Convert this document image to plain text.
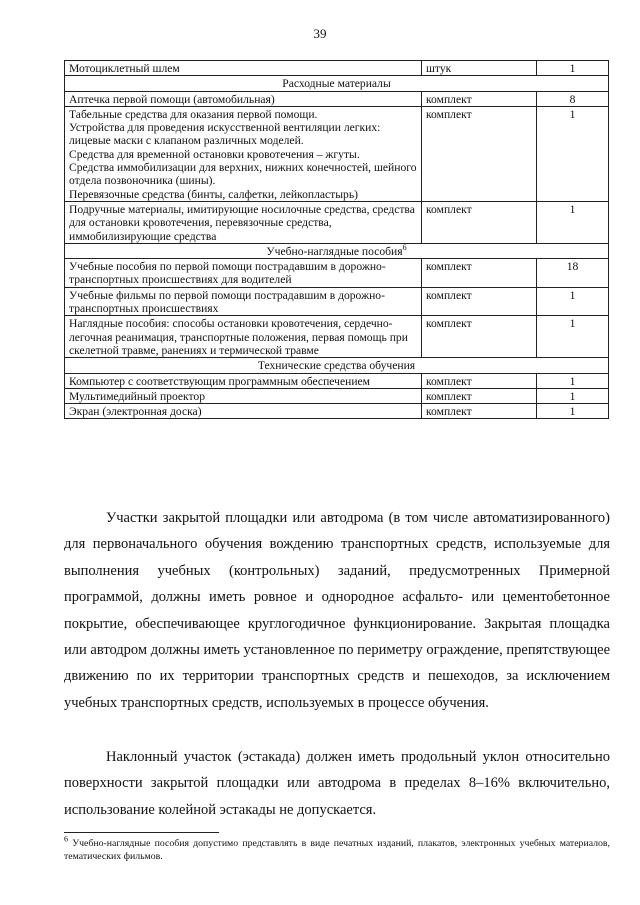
39
Мотоциклетный шлем	штук	1
Расходные материалы		
Аптечка первой помощи (автомобильная)	комплект	8
Табельные средства для оказания первой помощи.
Устройства для проведения искусственной вентиляции легких: лицевые маски с клапаном различных моделей.
Средства для временной остановки кровотечения – жгуты.
Средства иммобилизации для верхних, нижних конечностей, шейного отдела позвоночника (шины).
Перевязочные средства (бинты, салфетки, лейкопластырь)	комплект	1
Подручные материалы, имитирующие носилочные средства, средства для остановки кровотечения, перевязочные средства, иммобилизирующие средства	комплект	1
Учебно-наглядные пособия$^6$
Учебные пособия по первой помощи пострадавшим в дорожно-транспортных происшествиях для водителей	комплект	18
Учебные фильмы по первой помощи пострадавшим в дорожно-транспортных происшествиях	комплект	1
Наглядные пособия: способы остановки кровотечения, сердечно-легочная реанимация, транспортные положения, первая помощь при скелетной травме, ранениях и термической травме	комплект	1
Технические средства обучения		
Компьютер с соответствующим программным обеспечением	комплект	1
Мультимедийный проектор	комплект	1
Экран (электронная доска)	комплект	1

Участки закрытой площадки или автодрома (в том числе автоматизированного) для первоначального обучения вождению транспортных средств, используемые для выполнения учебных (контрольных) заданий, предусмотренных Примерной программой, должны иметь ровное и однородное асфальто- или цементобетонное покрытие, обеспечивающее круглогодичное функционирование. Закрытая площадка или автодром должны иметь установленное по периметру ограждение, препятствующее движению по их территории транспортных средств и пешеходов, за исключением учебных транспортных средств, используемых в процессе обучения.

Наклонный участок (эстакада) должен иметь продольный уклон относительно поверхности закрытой площадки или автодрома в пределах 8–16% включительно, использование колейной эстакады не допускается.

$^6$ Учебно-наглядные пособия допустимо представлять в виде печатных изданий, плакатов, электронных учебных материалов, тематических фильмов.
